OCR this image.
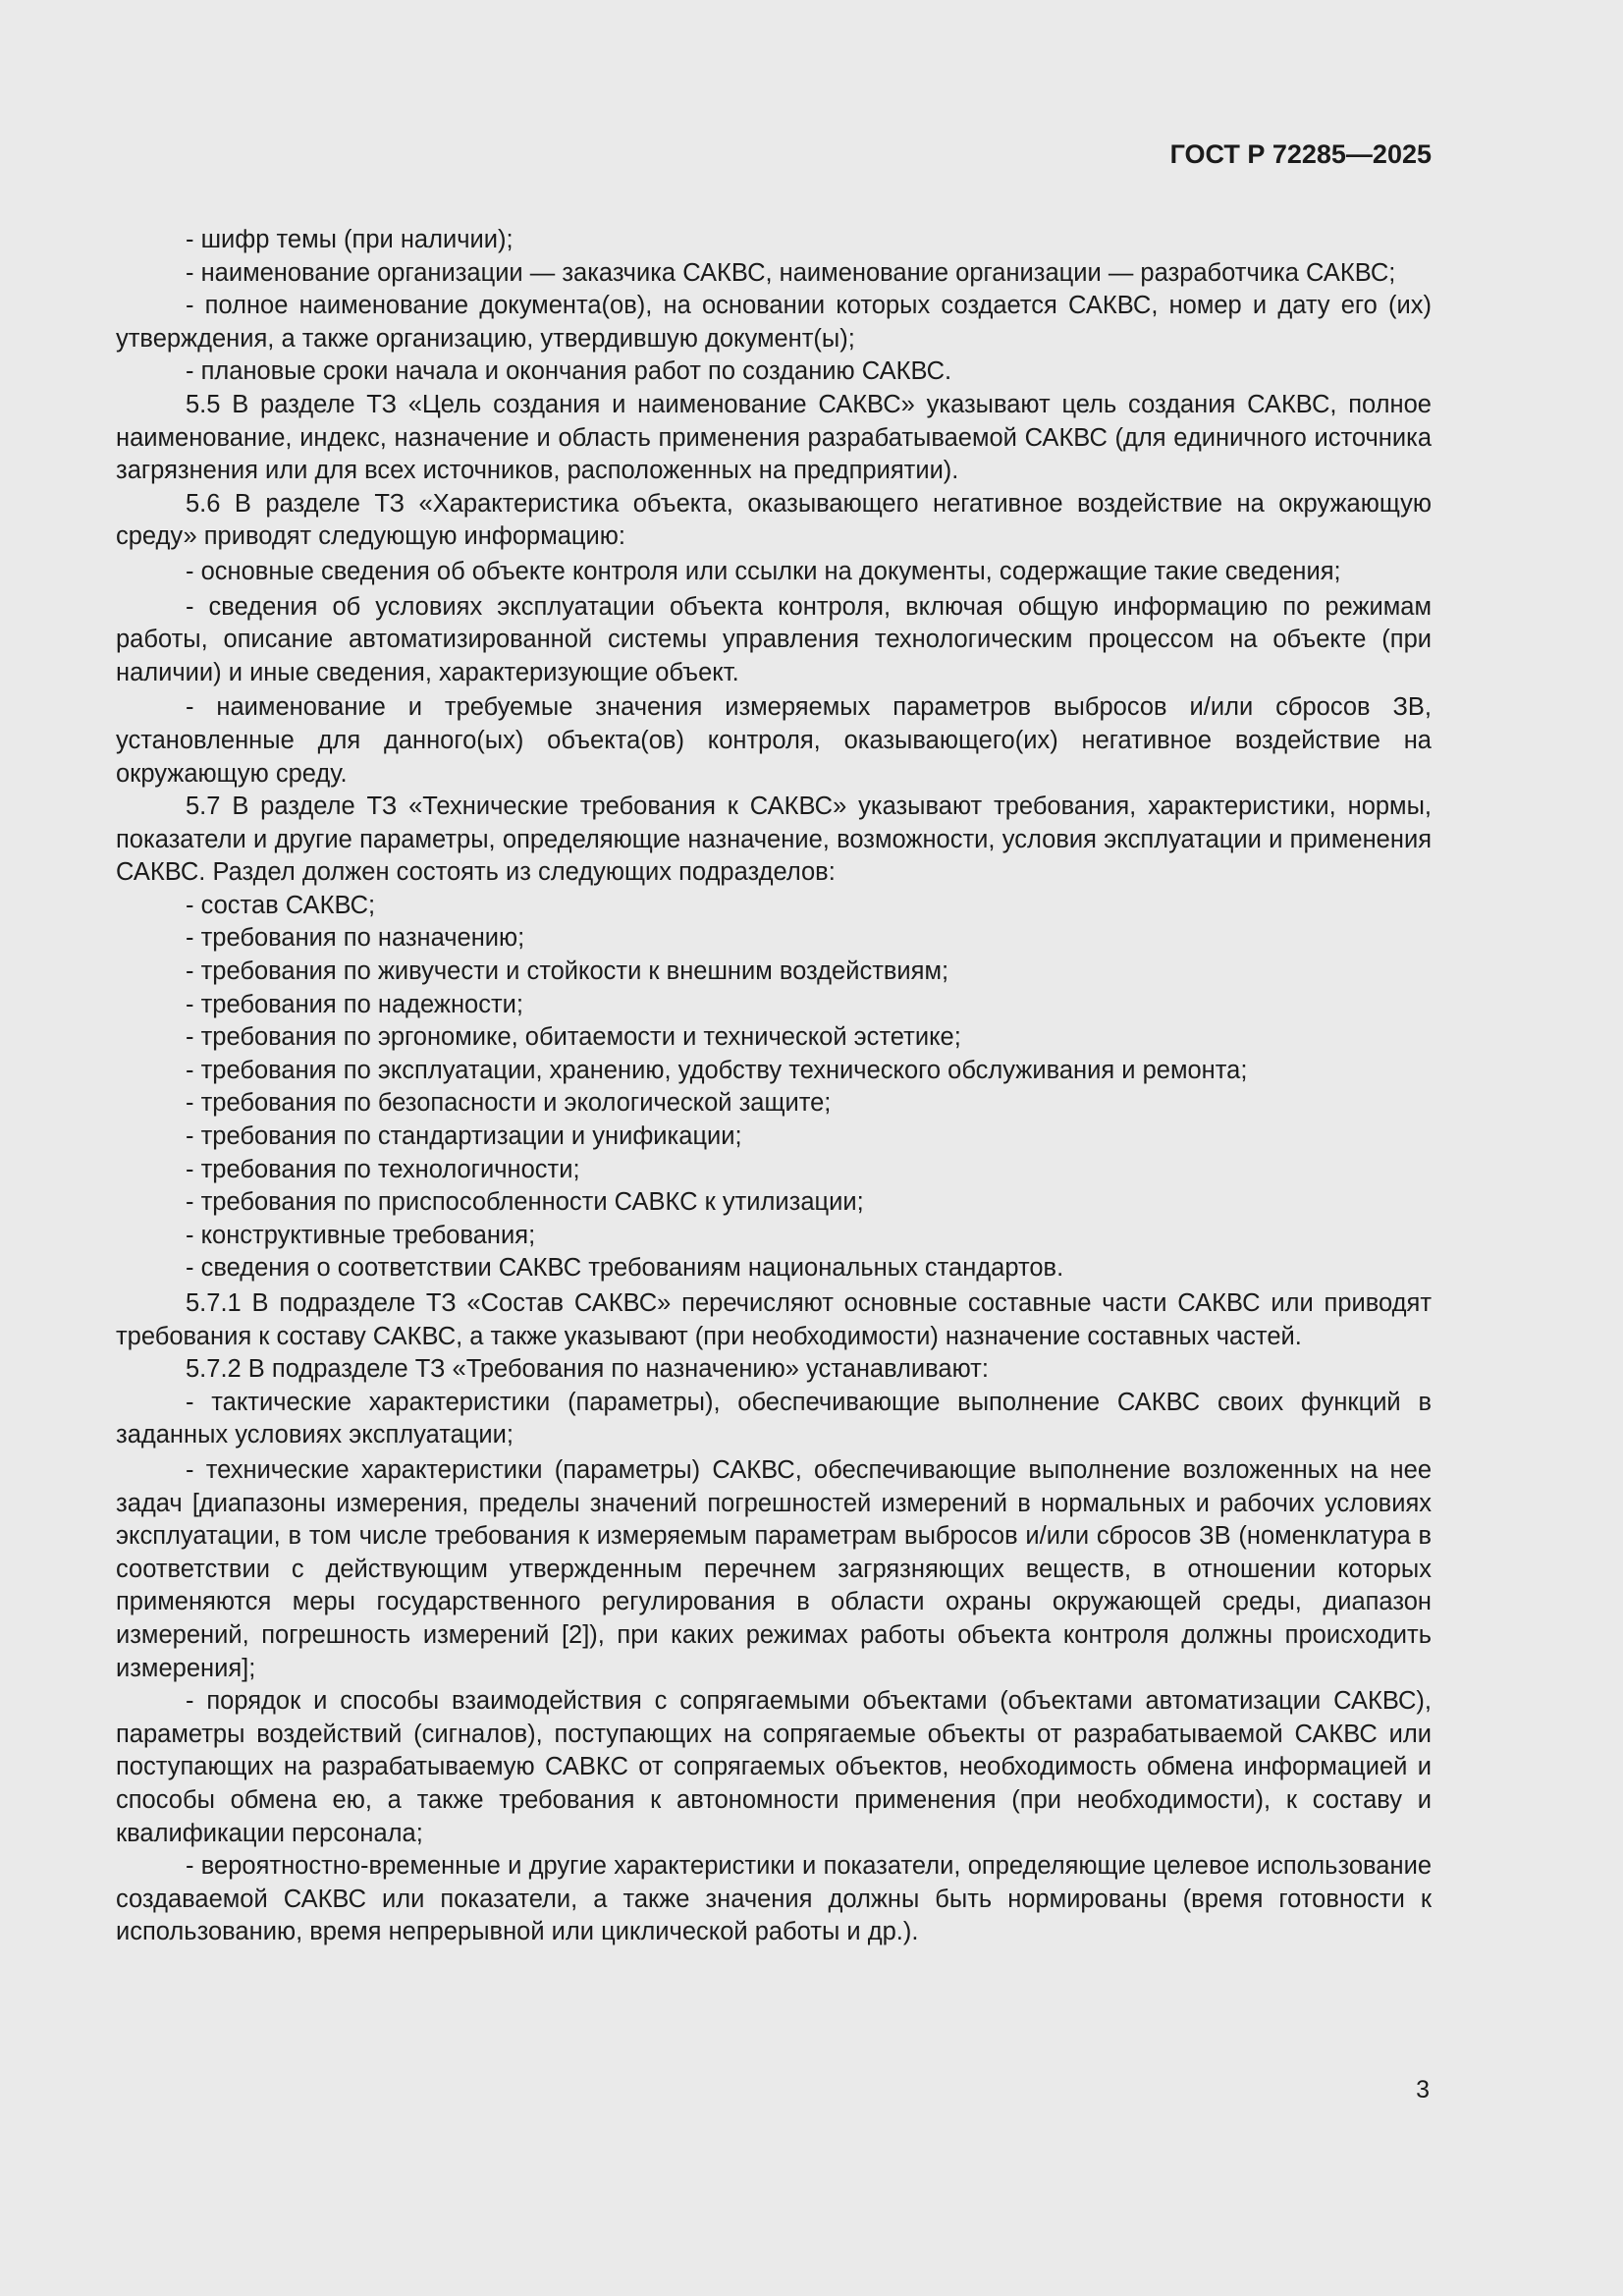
ГОСТ Р 72285—2025

- шифр темы (при наличии);

- наименование организации — заказчика САКВС, наименование организации — разработчика САКВС;

- полное наименование документа(ов), на основании которых создается САКВС, номер и дату его (их) утверждения, а также организацию, утвердившую документ(ы);

- плановые сроки начала и окончания работ по созданию САКВС.

5.5 В разделе ТЗ «Цель создания и наименование САКВС» указывают цель создания САКВС, полное наименование, индекс, назначение и область применения разрабатываемой САКВС (для единичного источника загрязнения или для всех источников, расположенных на предприятии).

5.6 В разделе ТЗ «Характеристика объекта, оказывающего негативное воздействие на окружающую среду» приводят следующую информацию:

- основные сведения об объекте контроля или ссылки на документы, содержащие такие сведения;

- сведения об условиях эксплуатации объекта контроля, включая общую информацию по режимам работы, описание автоматизированной системы управления технологическим процессом на объекте (при наличии) и иные сведения, характеризующие объект.

- наименование и требуемые значения измеряемых параметров выбросов и/или сбросов ЗВ, установленные для данного(ых) объекта(ов) контроля, оказывающего(их) негативное воздействие на окружающую среду.

5.7 В разделе ТЗ «Технические требования к САКВС» указывают требования, характеристики, нормы, показатели и другие параметры, определяющие назначение, возможности, условия эксплуатации и применения САКВС. Раздел должен состоять из следующих подразделов:

- состав САКВС;

- требования по назначению;

- требования по живучести и стойкости к внешним воздействиям;

- требования по надежности;

- требования по эргономике, обитаемости и технической эстетике;

- требования по эксплуатации, хранению, удобству технического обслуживания и ремонта;

- требования по безопасности и экологической защите;

- требования по стандартизации и унификации;

- требования по технологичности;

- требования по приспособленности САВКС к утилизации;

- конструктивные требования;

- сведения о соответствии САКВС требованиям национальных стандартов.

5.7.1 В подразделе ТЗ «Состав САКВС» перечисляют основные составные части САКВС или приводят требования к составу САКВС, а также указывают (при необходимости) назначение составных частей.

5.7.2 В подразделе ТЗ «Требования по назначению» устанавливают:

- тактические характеристики (параметры), обеспечивающие выполнение САКВС своих функций в заданных условиях эксплуатации;

- технические характеристики (параметры) САКВС, обеспечивающие выполнение возложенных на нее задач [диапазоны измерения, пределы значений погрешностей измерений в нормальных и рабочих условиях эксплуатации, в том числе требования к измеряемым параметрам выбросов и/или сбросов ЗВ (номенклатура в соответствии с действующим утвержденным перечнем загрязняющих веществ, в отношении которых применяются меры государственного регулирования в области охраны окружающей среды, диапазон измерений, погрешность измерений [2]), при каких режимах работы объекта контроля должны происходить измерения];

- порядок и способы взаимодействия с сопрягаемыми объектами (объектами автоматизации САКВС), параметры воздействий (сигналов), поступающих на сопрягаемые объекты от разрабатываемой САКВС или поступающих на разрабатываемую САВКС от сопрягаемых объектов, необходимость обмена информацией и способы обмена ею, а также требования к автономности применения (при необходимости), к составу и квалификации персонала;

- вероятностно-временные и другие характеристики и показатели, определяющие целевое использование создаваемой САКВС или показатели, а также значения должны быть нормированы (время готовности к использованию, время непрерывной или циклической работы и др.).

3
